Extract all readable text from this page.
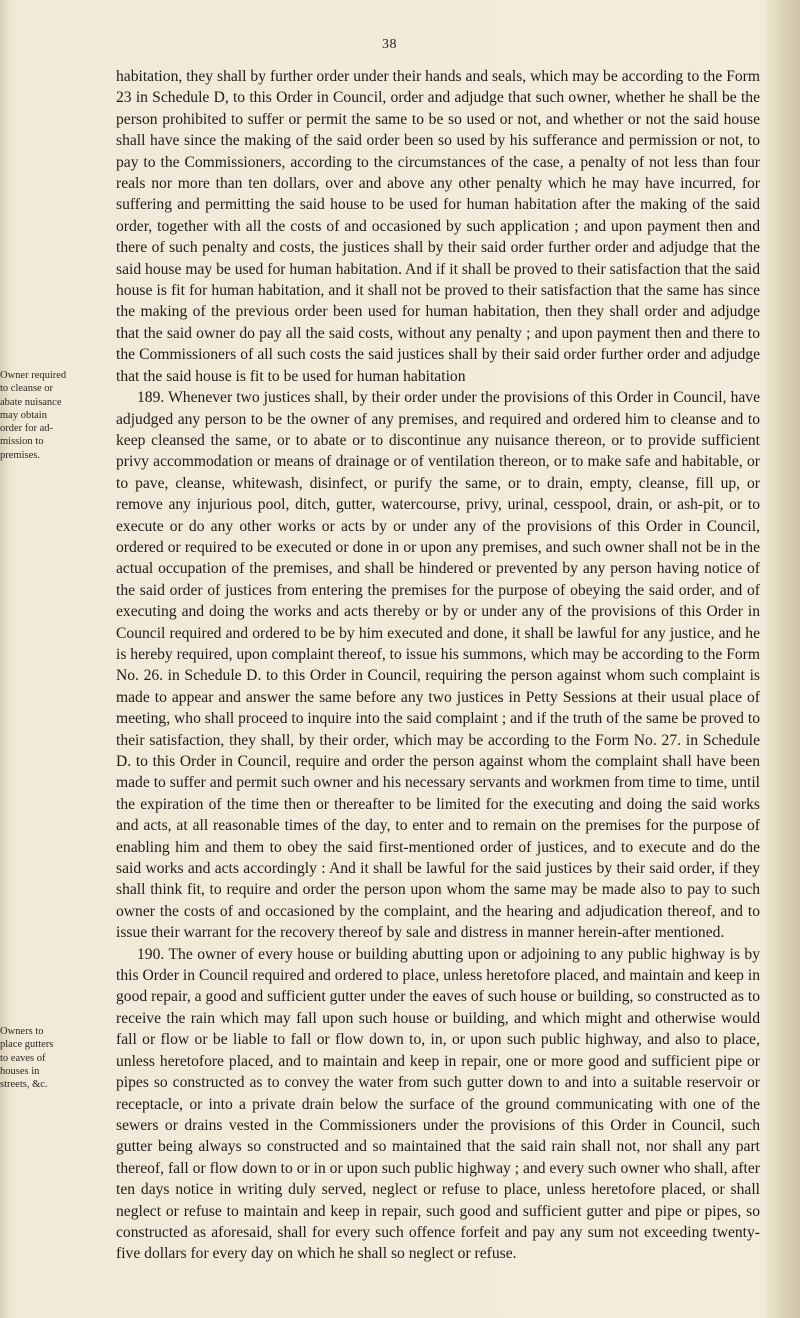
38
Owner required
to cleanse or
abate nuisance
may obtain
order for ad-
mission to
premises.
Owners to
place gutters
to eaves of
houses in
streets, &c.

habitation, they shall by further order under their hands and seals, which may be according to the Form 23 in Schedule D, to this Order in Council, order and adjudge that such owner, whether he shall be the person prohibited to suffer or permit the same to be so used or not, and whether or not the said house shall have since the making of the said order been so used by his sufferance and permission or not, to pay to the Commissioners, according to the circumstances of the case, a penalty of not less than four reals nor more than ten dollars, over and above any other penalty which he may have incurred, for suffering and permitting the said house to be used for human habitation after the making of the said order, together with all the costs of and occasioned by such application ; and upon payment then and there of such penalty and costs, the justices shall by their said order further order and adjudge that the said house may be used for human habitation. And if it shall be proved to their satisfaction that the said house is fit for human habitation, and it shall not be proved to their satisfaction that the same has since the making of the previous order been used for human habitation, then they shall order and adjudge that the said owner do pay all the said costs, without any penalty ; and upon payment then and there to the Commissioners of all such costs the said justices shall by their said order further order and adjudge that the said house is fit to be used for human habitation

189. Whenever two justices shall, by their order under the provisions of this Order in Council, have adjudged any person to be the owner of any premises, and required and ordered him to cleanse and to keep cleansed the same, or to abate or to discontinue any nuisance thereon, or to provide sufficient privy accommodation or means of drainage or of ventilation thereon, or to make safe and habitable, or to pave, cleanse, whitewash, disinfect, or purify the same, or to drain, empty, cleanse, fill up, or remove any injurious pool, ditch, gutter, watercourse, privy, urinal, cesspool, drain, or ash-pit, or to execute or do any other works or acts by or under any of the provisions of this Order in Council, ordered or required to be executed or done in or upon any premises, and such owner shall not be in the actual occupation of the premises, and shall be hindered or prevented by any person having notice of the said order of justices from entering the premises for the purpose of obeying the said order, and of executing and doing the works and acts thereby or by or under any of the provisions of this Order in Council required and ordered to be by him executed and done, it shall be lawful for any justice, and he is hereby required, upon complaint thereof, to issue his summons, which may be according to the Form No. 26. in Schedule D. to this Order in Council, requiring the person against whom such complaint is made to appear and answer the same before any two justices in Petty Sessions at their usual place of meeting, who shall proceed to inquire into the said complaint ; and if the truth of the same be proved to their satisfaction, they shall, by their order, which may be according to the Form No. 27. in Schedule D. to this Order in Council, require and order the person against whom the complaint shall have been made to suffer and permit such owner and his necessary servants and workmen from time to time, until the expiration of the time then or thereafter to be limited for the executing and doing the said works and acts, at all reasonable times of the day, to enter and to remain on the premises for the purpose of enabling him and them to obey the said first-mentioned order of justices, and to execute and do the said works and acts accordingly : And it shall be lawful for the said justices by their said order, if they shall think fit, to require and order the person upon whom the same may be made also to pay to such owner the costs of and occasioned by the complaint, and the hearing and adjudication thereof, and to issue their warrant for the recovery thereof by sale and distress in manner herein-after mentioned.

190. The owner of every house or building abutting upon or adjoining to any public highway is by this Order in Council required and ordered to place, unless heretofore placed, and maintain and keep in good repair, a good and sufficient gutter under the eaves of such house or building, so constructed as to receive the rain which may fall upon such house or building, and which might and otherwise would fall or flow or be liable to fall or flow down to, in, or upon such public highway, and also to place, unless heretofore placed, and to maintain and keep in repair, one or more good and sufficient pipe or pipes so constructed as to convey the water from such gutter down to and into a suitable reservoir or receptacle, or into a private drain below the surface of the ground communicating with one of the sewers or drains vested in the Commissioners under the provisions of this Order in Council, such gutter being always so constructed and so maintained that the said rain shall not, nor shall any part thereof, fall or flow down to or in or upon such public highway ; and every such owner who shall, after ten days notice in writing duly served, neglect or refuse to place, unless heretofore placed, or shall neglect or refuse to maintain and keep in repair, such good and sufficient gutter and pipe or pipes, so constructed as aforesaid, shall for every such offence forfeit and pay any sum not exceeding twenty-five dollars for every day on which he shall so neglect or refuse.
